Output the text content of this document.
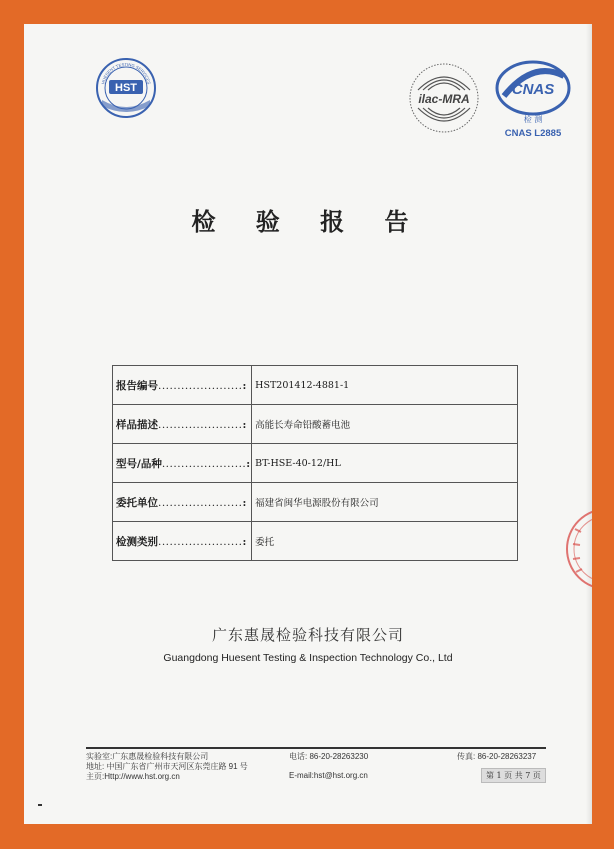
HST
HUESENT TESTING SERVICES
ilac-MRA
CNAS
检 测
CNAS L2885
检 验 报 告
报告编号......................:	HST201412-4881-1
样品描述......................:	高能长寿命铅酸蓄电池
型号/品种......................:	BT-HSE-40-12/HL
委托单位......................:	福建省闽华电源股份有限公司
检测类别......................:	委托
广东惠晟检验科技有限公司
Guangdong Huesent Testing & Inspection Technology Co., Ltd
实验室:广东惠晟检验科技有限公司
地址: 中国广东省广州市天河区东莞庄路 91 号
主页:Http://www.hst.org.cn
电话: 86-20-28263230
E-mail:hst@hst.org.cn
传真: 86-20-28263237
第 1 页 共 7 页
